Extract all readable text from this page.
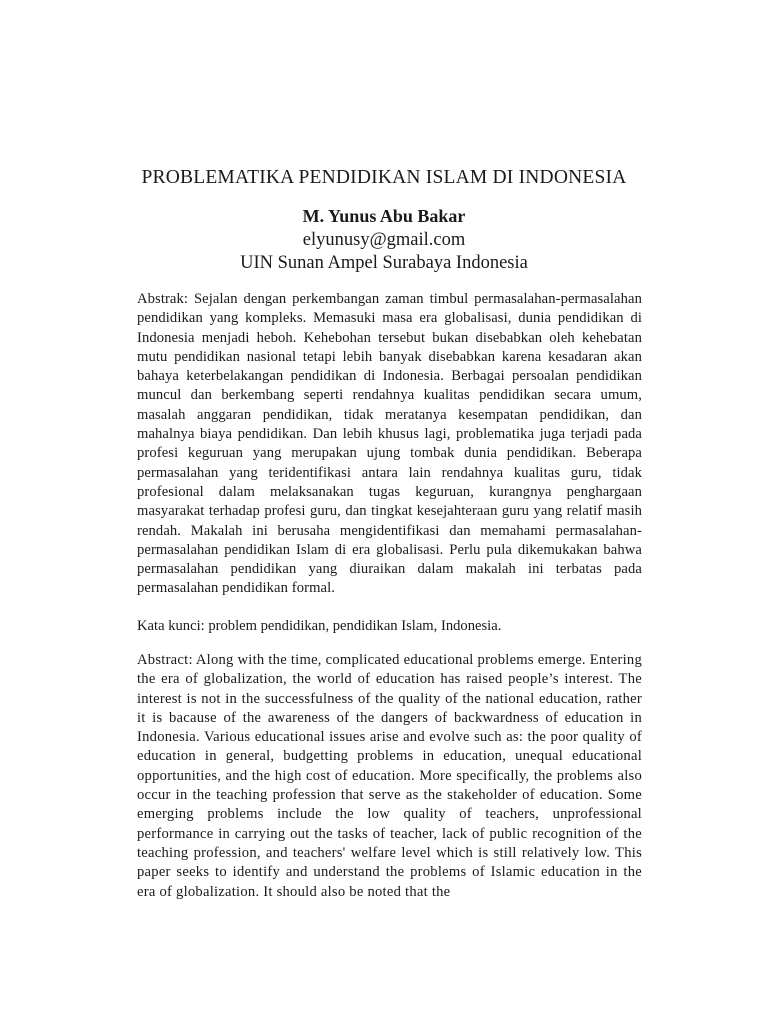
PROBLEMATIKA PENDIDIKAN ISLAM DI INDONESIA

M. Yunus Abu Bakar

elyunusy@gmail.com

UIN Sunan Ampel Surabaya Indonesia

Abstrak: Sejalan dengan perkembangan zaman timbul permasalahan-permasalahan pendidikan yang kompleks. Memasuki masa era globalisasi, dunia pendidikan di Indonesia menjadi heboh. Kehebohan tersebut bukan disebabkan oleh kehebatan mutu pendidikan nasional tetapi lebih banyak disebabkan karena kesadaran akan bahaya keterbelakangan pendidikan di Indonesia. Berbagai persoalan pendidikan muncul dan berkembang seperti rendahnya kualitas pendidikan secara umum, masalah anggaran pendidikan, tidak meratanya kesempatan pendidikan, dan mahalnya biaya pendidikan. Dan lebih khusus lagi, problematika juga terjadi pada profesi keguruan yang merupakan ujung tombak dunia pendidikan. Beberapa permasalahan yang teridentifikasi antara lain rendahnya kualitas guru, tidak profesional dalam melaksanakan tugas keguruan, kurangnya penghargaan masyarakat terhadap profesi guru, dan tingkat kesejahteraan guru yang relatif masih rendah. Makalah ini berusaha mengidentifikasi dan memahami permasalahan-permasalahan pendidikan Islam di era globalisasi. Perlu pula dikemukakan bahwa permasalahan pendidikan yang diuraikan dalam makalah ini terbatas pada permasalahan pendidikan formal.

Kata kunci: problem pendidikan, pendidikan Islam, Indonesia.

Abstract: Along with the time, complicated educational problems emerge. Entering the era of globalization, the world of education has raised people’s interest. The interest is not in the successfulness of the quality of the national education, rather it is bacause of the awareness of the dangers of backwardness of education in Indonesia. Various educational issues arise and evolve such as: the poor quality of education in general, budgetting problems in education, unequal educational opportunities, and the high cost of education. More specifically, the problems also occur in the teaching profession that serve as the stakeholder of education. Some emerging problems include the low quality of teachers, unprofessional performance in carrying out the tasks of teacher, lack of public recognition of the teaching profession, and teachers' welfare level which is still relatively low. This paper seeks to identify and understand the problems of Islamic education in the era of globalization. It should also be noted that the
